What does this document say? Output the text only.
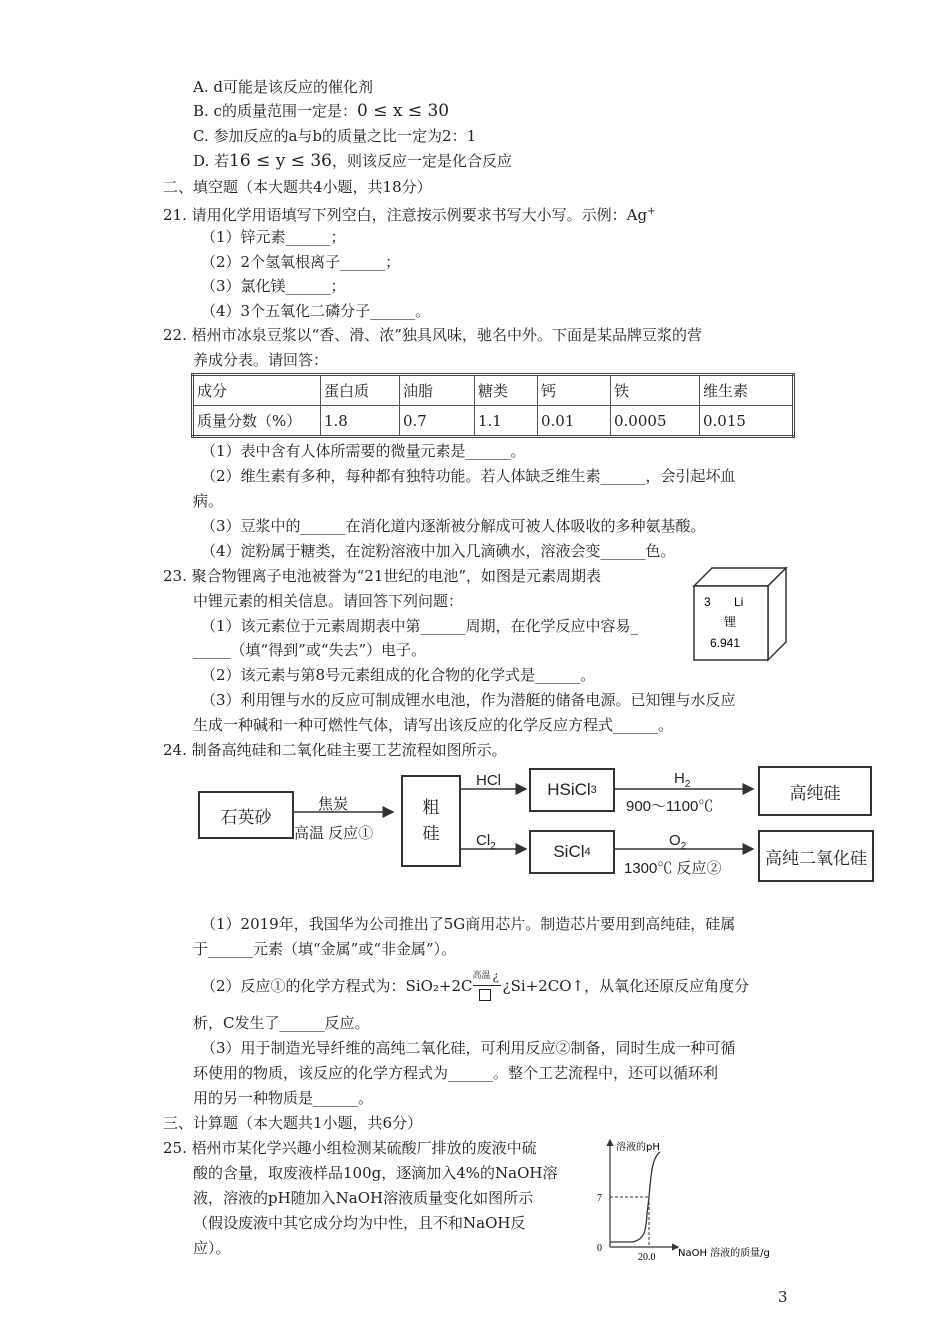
A. d可能是该反应的催化剂
B. c的质量范围一定是：0 ≤ x ≤ 30
C. 参加反应的a与b的质量之比一定为2：1
D. 若16 ≤ y ≤ 36，则该反应一定是化合反应
二、填空题（本大题共4小题，共18分）
21. 请用化学用语填写下列空白，注意按示例要求书写大小写。示例：Ag+
（1）锌元素______；
（2）2个氢氧根离子______；
（3）氯化镁______；
（4）3个五氧化二磷分子______。
22. 梧州市冰泉豆浆以“香、滑、浓”独具风味，驰名中外。下面是某品牌豆浆的营
养成分表。请回答：
成分	蛋白质	油脂	糖类	钙	铁	维生素
质量分数（%）	1.8	0.7	1.1	0.01	0.0005	0.015
（1）表中含有人体所需要的微量元素是______。
（2）维生素有多种，每种都有独特功能。若人体缺乏维生素______，会引起坏血
病。
（3）豆浆中的______在消化道内逐渐被分解成可被人体吸收的多种氨基酸。
（4）淀粉属于糖类，在淀粉溶液中加入几滴碘水，溶液会变______色。
23. 聚合物锂离子电池被誉为“21世纪的电池”，如图是元素周期表
中锂元素的相关信息。请回答下列问题：
（1）该元素位于元素周期表中第______周期，在化学反应中容易_
_____（填“得到”或“失去”）电子。
（2）该元素与第8号元素组成的化合物的化学式是______。
（3）利用锂与水的反应可制成锂水电池，作为潜艇的储备电源。已知锂与水反应
生成一种碱和一种可燃性气体，请写出该反应的化学反应方程式______。
3 Li
锂
6.941
24. 制备高纯硅和二氧化硅主要工艺流程如图所示。
石英砂	粗
硅
HSiCl 3
SiCl 4
高纯硅
高纯二氧化硅
焦炭
高温 反应①
HCl
$Cl_2$
$H_2$
900～1100℃
$O_2$
1300℃ 反应②
（1）2019年，我国华为公司推出了5G商用芯片。制造芯片要用到高纯硅，硅属
于______元素（填“金属”或“非金属”）。
（2）反应①的化学方程式为：SiO₂+2C
高温 ¿
¿Si+2CO↑，从氧化还原反应角度分
析，C发生了______反应。
（3）用于制造光导纤维的高纯二氧化硅，可利用反应②制备，同时生成一种可循
环使用的物质，该反应的化学方程式为______。整个工艺流程中，还可以循环利
用的另一种物质是______。
三、计算题（本大题共1小题，共6分）
25. 梧州市某化学兴趣小组检测某硫酸厂排放的废液中硫
酸的含量，取废液样品100g，逐滴加入4%的NaOH溶
液，溶液的pH随加入NaOH溶液质量变化如图所示
（假设废液中其它成分均为中性，且不和NaOH反
应）。
溶液的pH
7
0
20.0 NaOH 溶液的质量/g
3
